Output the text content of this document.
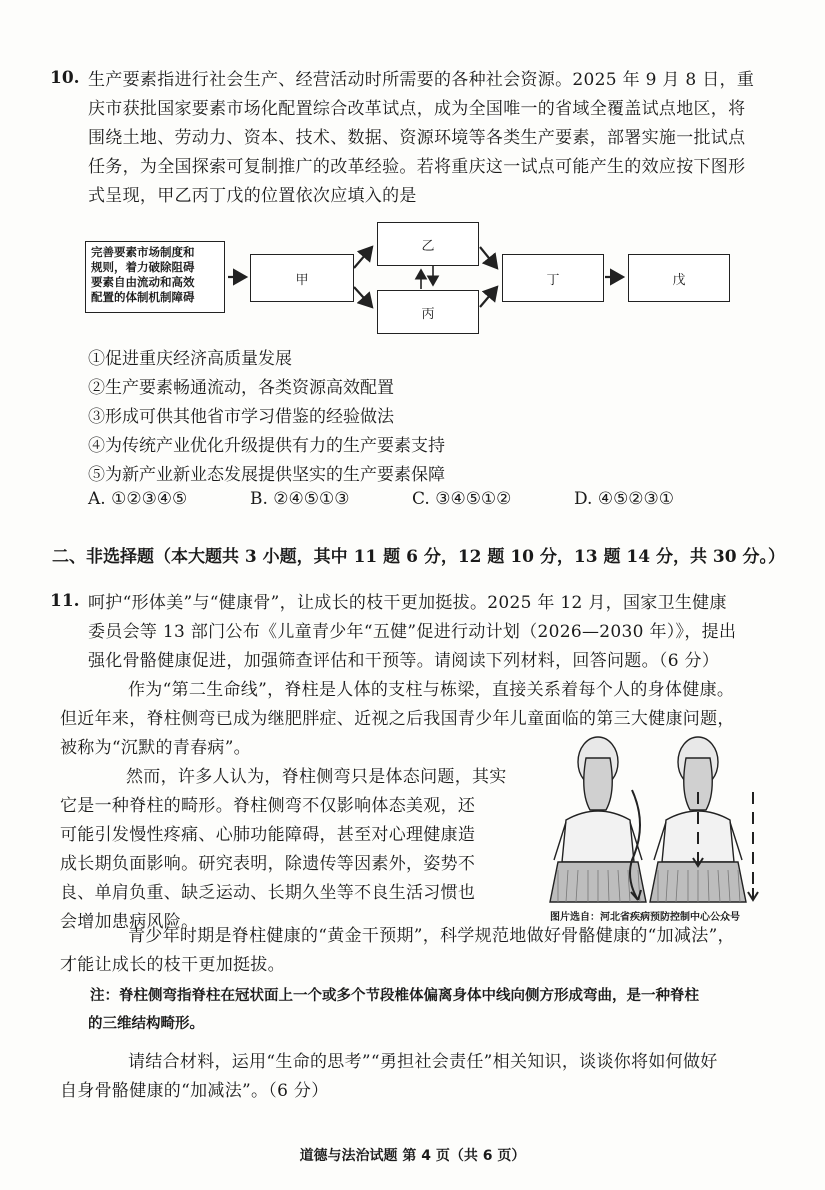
10. 生产要素指进行社会生产、经营活动时所需要的各种社会资源。2025 年 9 月 8 日，重
庆市获批国家要素市场化配置综合改革试点，成为全国唯一的省域全覆盖试点地区，将
围绕土地、劳动力、资本、技术、数据、资源环境等各类生产要素，部署实施一批试点
任务，为全国探索可复制推广的改革经验。若将重庆这一试点可能产生的效应按下图形
式呈现，甲乙丙丁戊的位置依次应填入的是
完善要素市场制度和
规则，着力破除阻碍
要素自由流动和高效
配置的体制机制障碍
甲
乙
丙
丁	戊
①促进重庆经济高质量发展
②生产要素畅通流动，各类资源高效配置
③形成可供其他省市学习借鉴的经验做法
④为传统产业优化升级提供有力的生产要素支持
⑤为新产业新业态发展提供坚实的生产要素保障
A. ①②③④⑤	B. ②④⑤①③	C. ③④⑤①②	D. ④⑤②③①
二、非选择题（本大题共 3 小题，其中 11 题 6 分，12 题 10 分，13 题 14 分，共 30 分。）
11. 呵护“形体美”与“健康骨”，让成长的枝干更加挺拔。2025 年 12 月，国家卫生健康
委员会等 13 部门公布《儿童青少年“五健”促进行动计划（2026—2030 年）》，提出
强化骨骼健康促进，加强筛查评估和干预等。请阅读下列材料，回答问题。（6 分）
作为“第二生命线”，脊柱是人体的支柱与栋梁，直接关系着每个人的身体健康。
但近年来，脊柱侧弯已成为继肥胖症、近视之后我国青少年儿童面临的第三大健康问题，
被称为“沉默的青春病”。
然而，许多人认为，脊柱侧弯只是体态问题，其实
它是一种脊柱的畸形。脊柱侧弯不仅影响体态美观，还
可能引发慢性疼痛、心肺功能障碍，甚至对心理健康造
成长期负面影响。研究表明，除遗传等因素外，姿势不
良、单肩负重、缺乏运动、长期久坐等不良生活习惯也
会增加患病风险。	图片选自：河北省疾病预防控制中心公众号
青少年时期是脊柱健康的“黄金干预期”，科学规范地做好骨骼健康的“加减法”，
才能让成长的枝干更加挺拔。
注：脊柱侧弯指脊柱在冠状面上一个或多个节段椎体偏离身体中线向侧方形成弯曲，是一种脊柱
的三维结构畸形。
请结合材料，运用“生命的思考”“勇担社会责任”相关知识，谈谈你将如何做好
自身骨骼健康的“加减法”。（6 分）
道德与法治试题 第 4 页（共 6 页）
